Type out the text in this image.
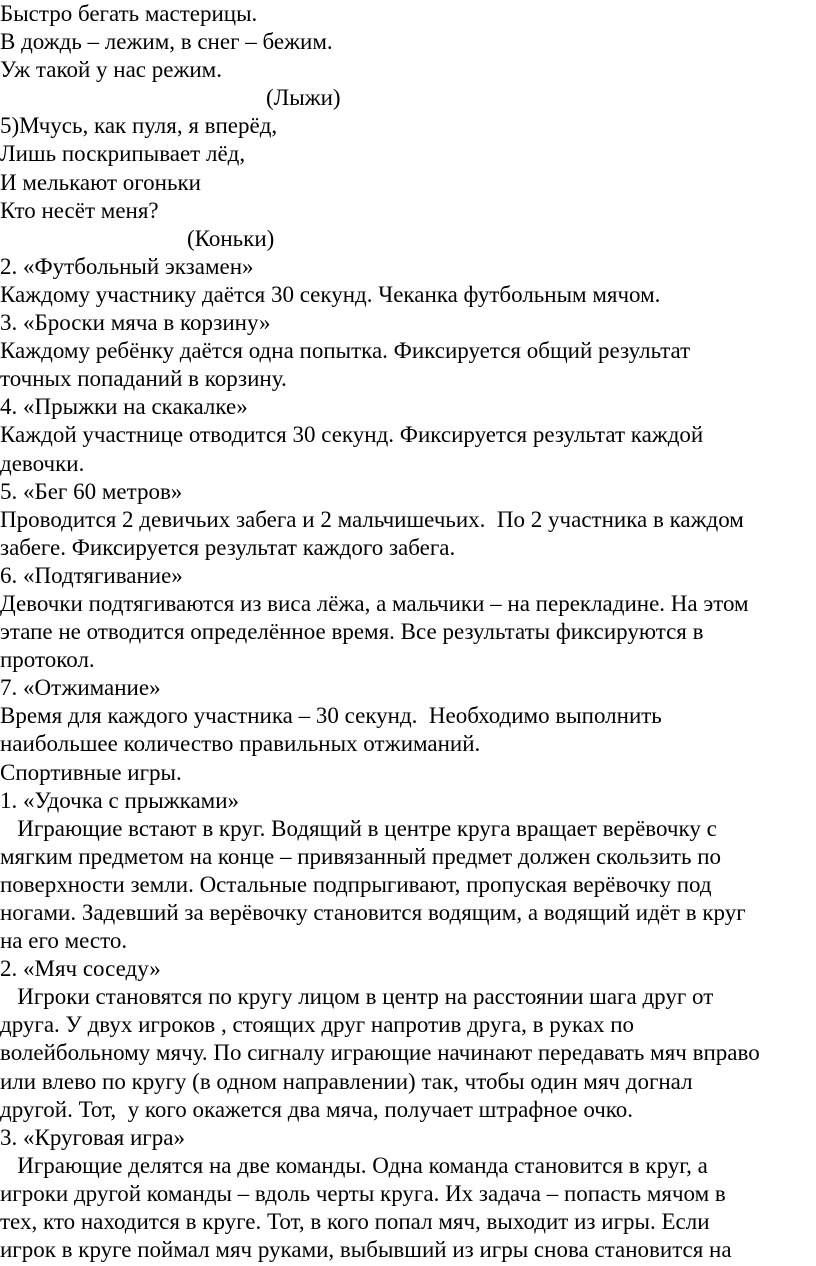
Быстро бегать мастерицы.

В дождь – лежим, в снег – бежим.

Уж такой у нас режим.

(Лыжи)

5)Мчусь, как пуля, я вперёд,

Лишь поскрипывает лёд,

И мелькают огоньки

Кто несёт меня?

(Коньки)

2. «Футбольный экзамен»

Каждому участнику даётся 30 секунд. Чеканка футбольным мячом.

3. «Броски мяча в корзину»

Каждому ребёнку даётся одна попытка. Фиксируется общий результат

точных попаданий в корзину.

4. «Прыжки на скакалке»

Каждой участнице отводится 30 секунд. Фиксируется результат каждой

девочки.

5. «Бег 60 метров»

Проводится 2 девичьих забега и 2 мальчишечьих.  По 2 участника в каждом

забеге. Фиксируется результат каждого забега.

6. «Подтягивание»

Девочки подтягиваются из виса лёжа, а мальчики – на перекладине. На этом

этапе не отводится определённое время. Все результаты фиксируются в

протокол.

7. «Отжимание»

Время для каждого участника – 30 секунд.  Необходимо выполнить

наибольшее количество правильных отжиманий.

Спортивные игры.

1. «Удочка с прыжками»

Играющие встают в круг. Водящий в центре круга вращает верёвочку с

мягким предметом на конце – привязанный предмет должен скользить по

поверхности земли. Остальные подпрыгивают, пропуская верёвочку под

ногами. Задевший за верёвочку становится водящим, а водящий идёт в круг

на его место.

2. «Мяч соседу»

Игроки становятся по кругу лицом в центр на расстоянии шага друг от

друга. У двух игроков , стоящих друг напротив друга, в руках по

волейбольному мячу. По сигналу играющие начинают передавать мяч вправо

или влево по кругу (в одном направлении) так, чтобы один мяч догнал

другой. Тот,  у кого окажется два мяча, получает штрафное очко.

3. «Круговая игра»

Играющие делятся на две команды. Одна команда становится в круг, а

игроки другой команды – вдоль черты круга. Их задача – попасть мячом в

тех, кто находится в круге. Тот, в кого попал мяч, выходит из игры. Если

игрок в круге поймал мяч руками, выбывший из игры снова становится на
